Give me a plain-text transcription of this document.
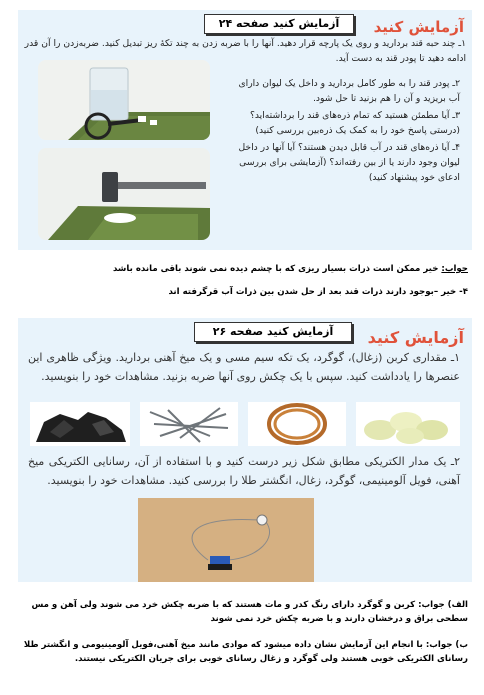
آزمایش کنید صفحه ۲۴	آزمایش کنید
۱ـ چند حبه قند بردارید و روی یک پارچه قرار دهید. آنها را با ضربه زدن به چند تکهٔ ریز تبدیل کنید. ضربه‌زدن را آن قدر ادامه دهید تا پودر قند به دست آید.
۲ـ پودر قند را به طور کامل بردارید و داخل یک لیوان دارای آب بریزید و آن را هم بزنید تا حل شود.
۳ـ آیا مطمئن هستید که تمام ذره‌های قند را برداشته‌اید؟ (درستی پاسخ خود را به کمک یک ذره‌بین بررسی کنید)
۴ـ آیا ذره‌های قند در آب قابل دیدن هستند؟ آیا آنها در داخل لیوان وجود دارند یا از بین رفته‌اند؟ (آزمایشی برای بررسی ادعای خود پیشنهاد کنید)
جواب: خیر ممکن است ذرات بسیار ریزی که با چشم دیده نمی شوند باقی مانده باشد
۴- خیر –بوجود دارند ذرات قند بعد از حل شدن بین ذرات آب قرگرفته اند
آزمایش کنید صفحه ۲۶	آزمایش کنید
۱ـ مقداری کربن (زغال)، گوگرد، یک تکه سیم مسی و یک میخ آهنی بردارید. ویژگی ظاهری این عنصرها را یادداشت کنید. سپس با یک چکش روی آنها ضربه بزنید. مشاهدات خود را بنویسید.
۲ـ یک مدار الکتریکی مطابق شکل زیر درست کنید و با استفاده از آن، رسانایی الکتریکی میخ آهنی، فویل آلومینیمی، گوگرد، زغال، انگشتر طلا را بررسی کنید. مشاهدات خود را بنویسید.
الف) جواب: کربن و گوگرد دارای رنگ کدر و مات هستند که با ضربه چکش خرد می شوند ولی آهن و مس سطحی براق و درخشان دارند و با ضربه چکش خرد نمی شوند
ب) جواب: با انجام این آزمایش نشان داده میشود که موادی مانند میخ آهنی،فویل آلومینیومی و انگشتر طلا رسانای الکتریکی خوبی هستند ولی گوگرد و زغال رسانای خوبی برای جریان الکتریکی نیستند.
